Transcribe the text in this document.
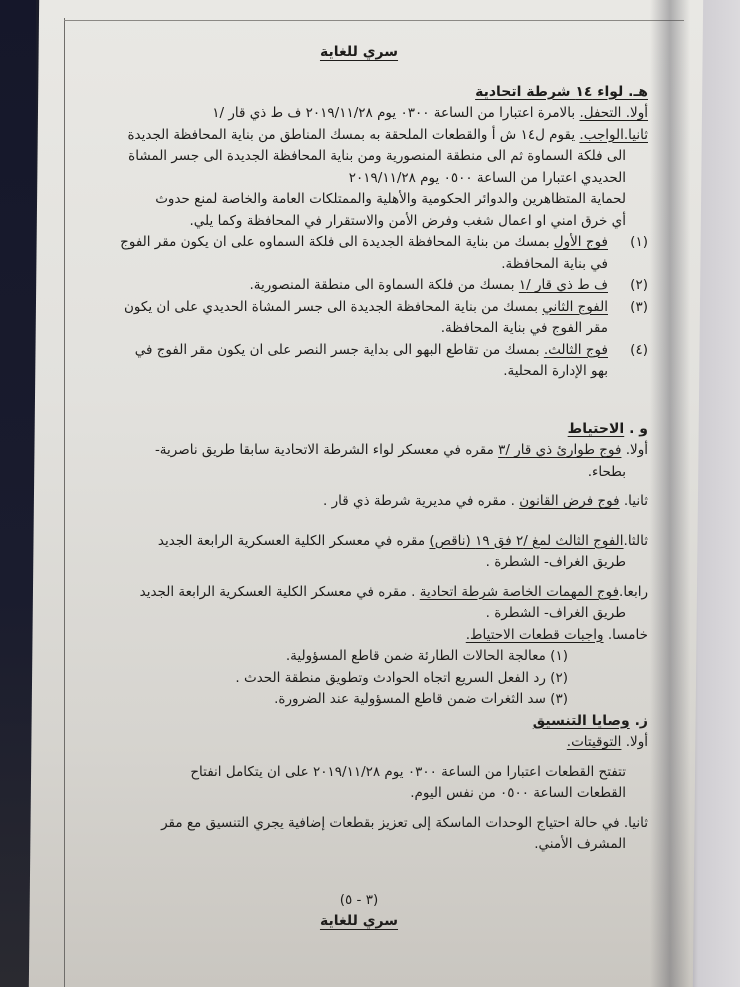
سري للغاية
هـ. لواء ١٤ شرطة اتحادية
أولا. التحفل. بالامرة اعتبارا من الساعة ٠٣٠٠ يوم ٢٠١٩/١١/٢٨ ف ط ذي قار /١
ثانيا.الواجب. يقوم ل١٤ ش أ والقطعات الملحقة به بمسك المناطق من بناية المحافظة الجديدة
الى فلكة السماوة ثم الى منطقة المنصورية ومن بناية المحافظة الجديدة الى جسر المشاة
الحديدي اعتبارا من الساعة ٠٥٠٠ يوم ٢٠١٩/١١/٢٨
لحماية المتظاهرين والدوائر الحكومية والأهلية والممتلكات العامة والخاصة لمنع حدوث
أي خرق امني او اعمال شغب وفرض الأمن والاستقرار في المحافظة وكما يلي.
(١)
فوج الأول بمسك من بناية المحافظة الجديدة الى فلكة السماوه على ان يكون مقر الفوج
في بناية المحافظة.
(٢)
ف ط ذي قار /١ بمسك من فلكة السماوة الى منطقة المنصورية.
(٣)
الفوج الثاني بمسك من بناية المحافظة الجديدة الى جسر المشاة الحديدي على ان يكون
مقر الفوج في بناية المحافظة.
(٤)
فوج الثالث. بمسك من تقاطع البهو الى بداية جسر النصر على ان يكون مقر الفوج في
بهو الإدارة المحلية.
و . الاحتياط
أولا. فوج طوارئ ذي قار /٣ مقره في معسكر لواء الشرطة الاتحادية سابقا طريق ناصرية-
بطحاء.
ثانيا. فوج فرض القانون . مقره في مديرية شرطة ذي قار .
ثالثا.الفوج الثالث لمغ /٢ فق ١٩ (ناقص) مقره في معسكر الكلية العسكرية الرابعة الجديد
طريق الغراف- الشطرة .
رابعا.فوج المهمات الخاصة شرطة اتحادية . مقره في معسكر الكلية العسكرية الرابعة الجديد
طريق الغراف- الشطرة .
خامسا. واجبات قطعات الاحتياط.
(١) معالجة الحالات الطارئة ضمن قاطع المسؤولية.
(٢) رد الفعل السريع اتجاه الحوادث وتطويق منطقة الحدث .
(٣) سد الثغرات ضمن قاطع المسؤولية عند الضرورة.
ز. وصايا التنسيق
أولا. التوقيتات.
تتفتح القطعات اعتبارا من الساعة ٠٣٠٠ يوم ٢٠١٩/١١/٢٨ على ان يتكامل انفتاح
القطعات الساعة ٠٥٠٠ من نفس اليوم.
ثانيا. في حالة احتياج الوحدات الماسكة إلى تعزيز بقطعات إضافية يجري التنسيق مع مقر
المشرف الأمني.
(٣ - ٥)
سري للغاية
